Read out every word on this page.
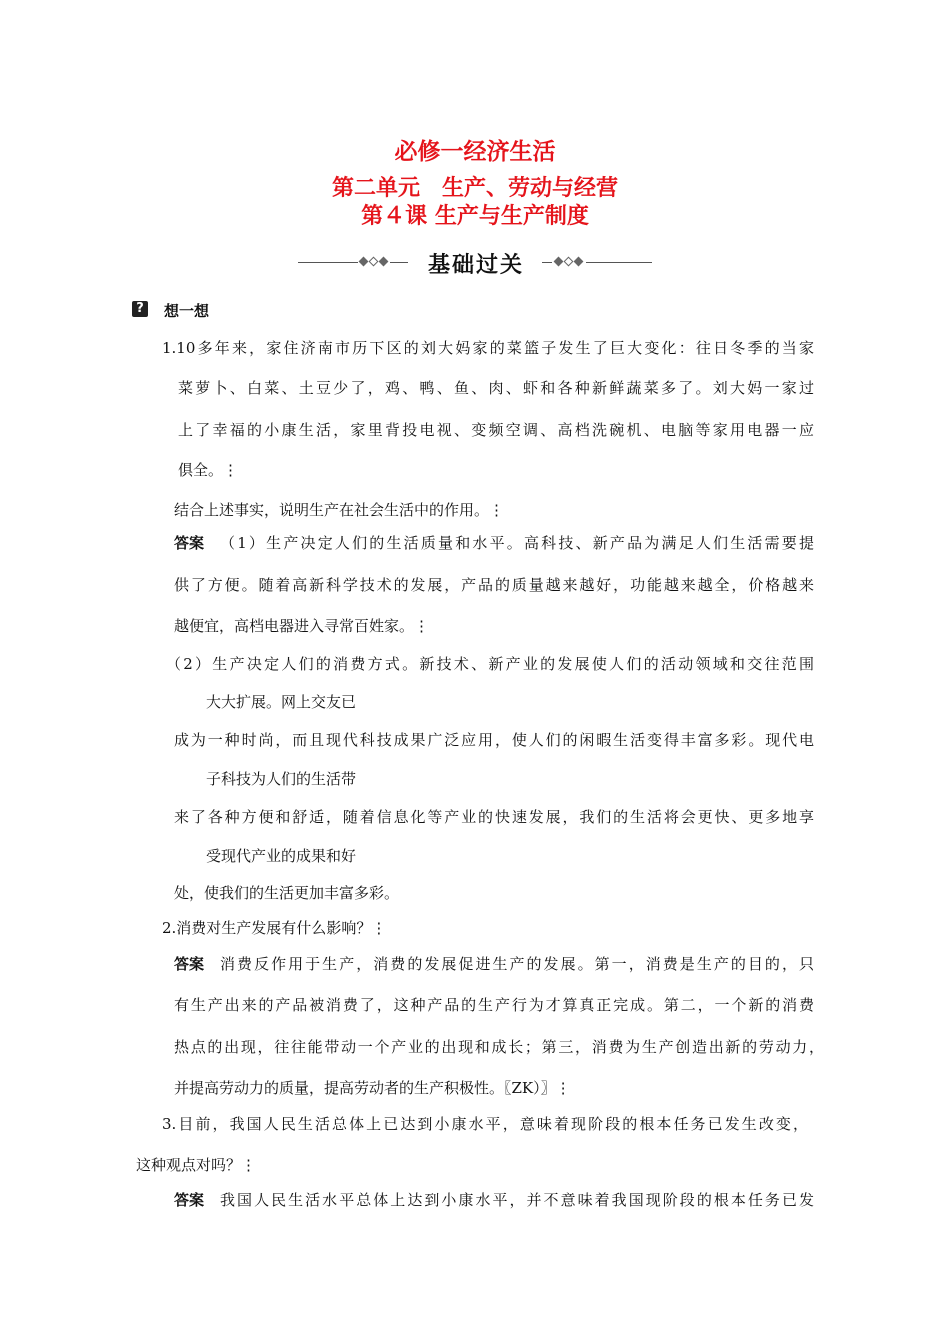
必修一经济生活
第二单元　生产、劳动与经营
第４课 生产与生产制度
基础过关
? 想一想
1.10多年来，家住济南市历下区的刘大妈家的菜篮子发生了巨大变化：往日冬季的当家
菜萝卜、白菜、土豆少了，鸡、鸭、鱼、肉、虾和各种新鲜蔬菜多了。刘大妈一家过
上了幸福的小康生活，家里背投电视、变频空调、高档洗碗机、电脑等家用电器一应
俱全。⋮
结合上述事实，说明生产在社会生活中的作用。⋮
答案 （1）生产决定人们的生活质量和水平。高科技、新产品为满足人们生活需要提
供了方便。随着高新科学技术的发展，产品的质量越来越好，功能越来越全，价格越来
越便宜，高档电器进入寻常百姓家。⋮
（2）生产决定人们的消费方式。新技术、新产业的发展使人们的活动领域和交往范围
大大扩展。网上交友已
成为一种时尚，而且现代科技成果广泛应用，使人们的闲暇生活变得丰富多彩。现代电
子科技为人们的生活带
来了各种方便和舒适，随着信息化等产业的快速发展，我们的生活将会更快、更多地享
受现代产业的成果和好
处，使我们的生活更加丰富多彩。
2.消费对生产发展有什么影响？⋮
答案 消费反作用于生产，消费的发展促进生产的发展。第一，消费是生产的目的，只
有生产出来的产品被消费了，这种产品的生产行为才算真正完成。第二，一个新的消费
热点的出现，往往能带动一个产业的出现和成长；第三，消费为生产创造出新的劳动力，
并提高劳动力的质量，提高劳动者的生产积极性。〖ZK）〗⋮
3.目前，我国人民生活总体上已达到小康水平，意味着现阶段的根本任务已发生改变，
这种观点对吗？⋮
答案 我国人民生活水平总体上达到小康水平，并不意味着我国现阶段的根本任务已发
